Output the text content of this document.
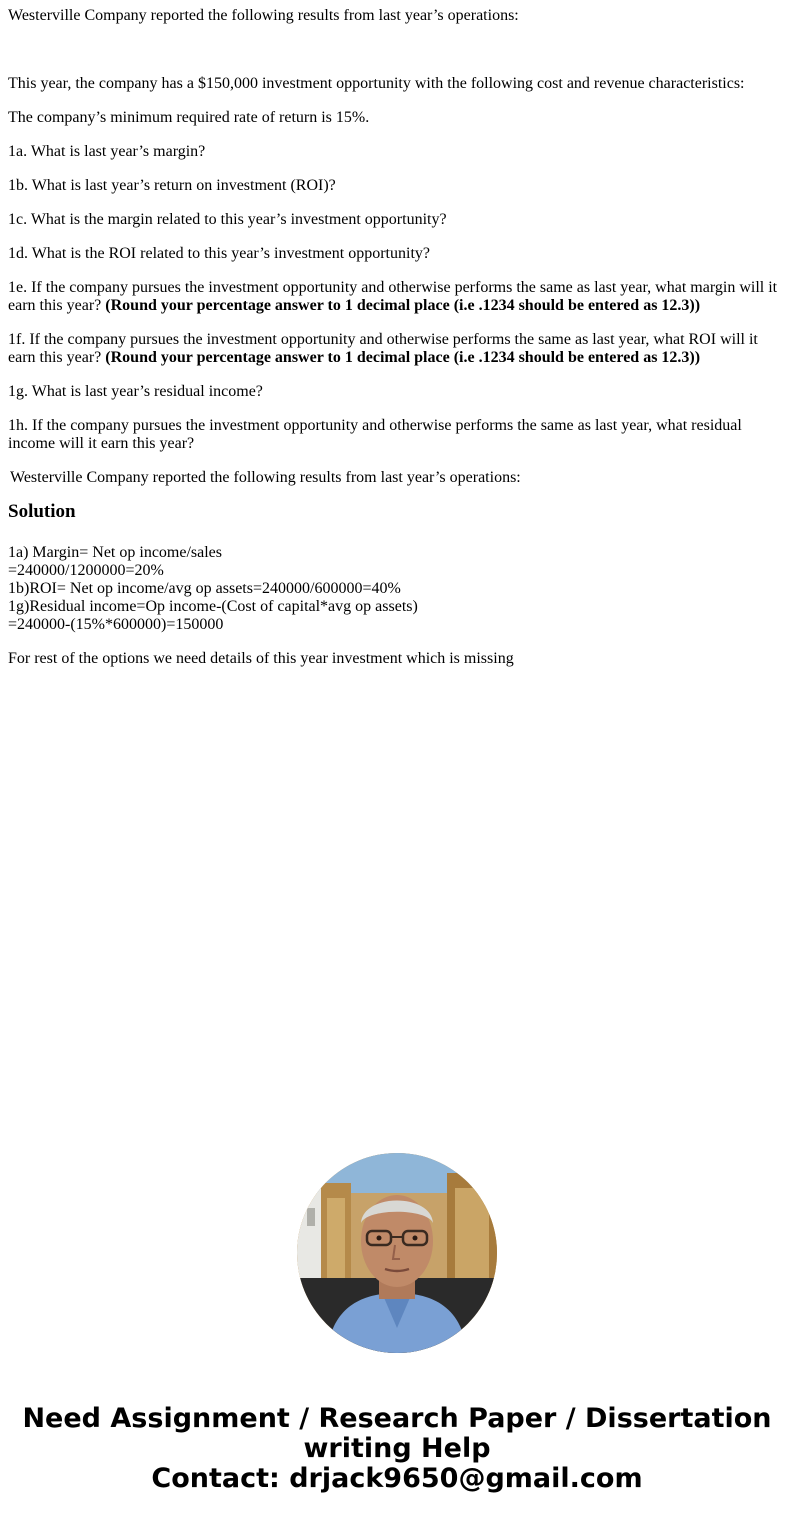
Westerville Company reported the following results from last year’s operations:

This year, the company has a $150,000 investment opportunity with the following cost and revenue characteristics:

The company’s minimum required rate of return is 15%.

1a. What is last year’s margin?

1b. What is last year’s return on investment (ROI)?

1c. What is the margin related to this year’s investment opportunity?

1d. What is the ROI related to this year’s investment opportunity?

1e. If the company pursues the investment opportunity and otherwise performs the same as last year, what margin will it earn this year? (Round your percentage answer to 1 decimal place (i.e .1234 should be entered as 12.3))

1f. If the company pursues the investment opportunity and otherwise performs the same as last year, what ROI will it earn this year? (Round your percentage answer to 1 decimal place (i.e .1234 should be entered as 12.3))

1g. What is last year’s residual income?

1h. If the company pursues the investment opportunity and otherwise performs the same as last year, what residual income will it earn this year?

Westerville Company reported the following results from last year’s operations:

Solution
1a) Margin= Net op income/sales
=240000/1200000=20%
1b)ROI= Net op income/avg op assets=240000/600000=40%
1g)Residual income=Op income-(Cost of capital*avg op assets)
=240000-(15%*600000)=150000

For rest of the options we need details of this year investment which is missing

Need Assignment / Research Paper / Dissertation
writing Help
Contact: drjack9650@gmail.com
